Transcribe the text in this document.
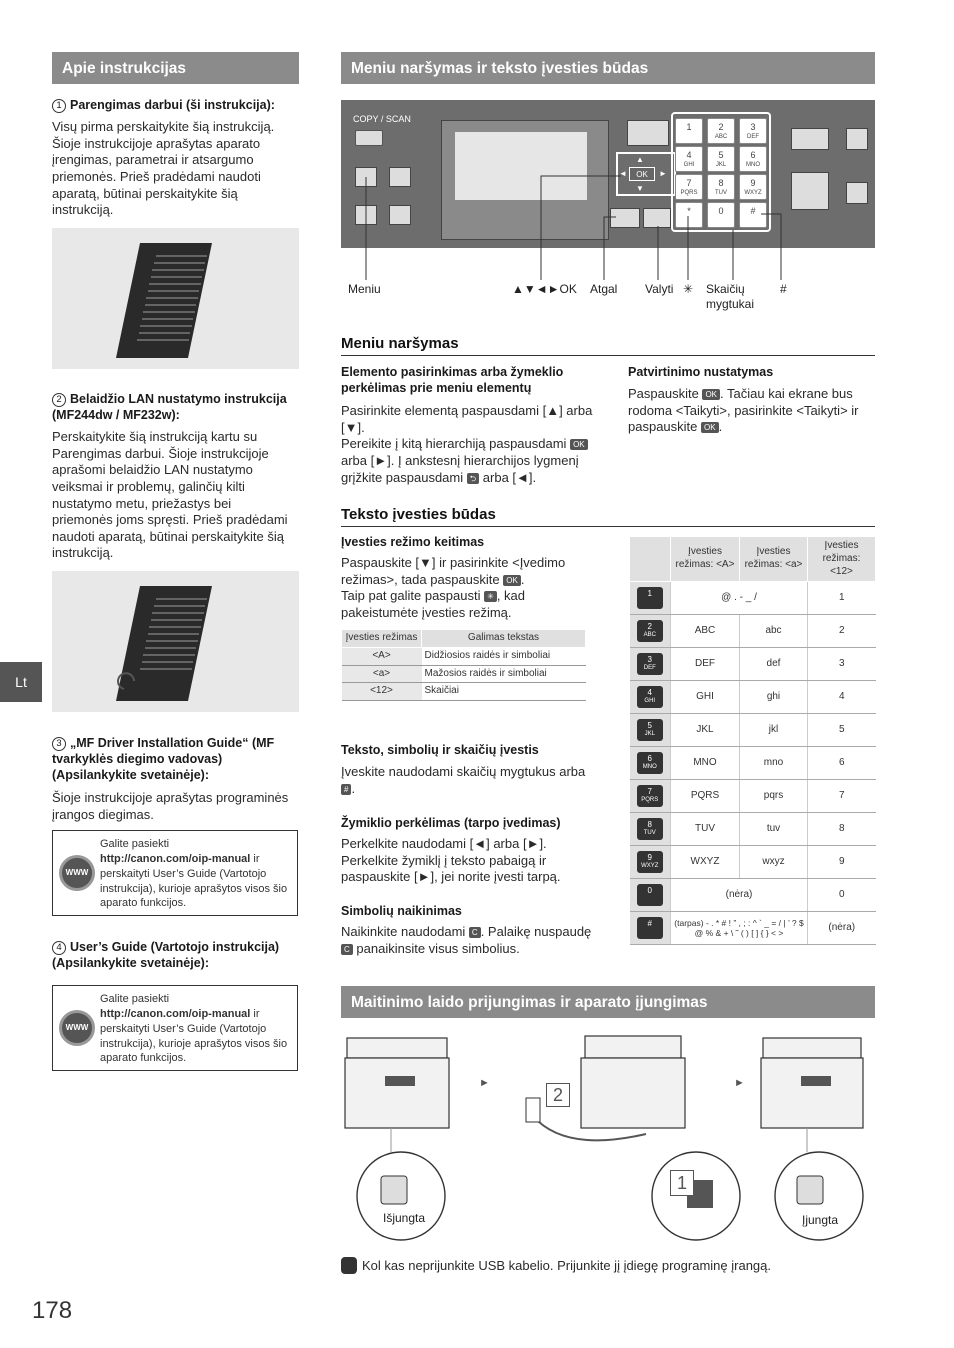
Apie instrukcijas
1 Parengimas darbui (ši instrukcija):
Visų pirma perskaitykite šią instrukciją. Šioje instrukcijoje aprašytas aparato įrengimas, parametrai ir atsargumo priemonės. Prieš pradėdami naudoti aparatą, būtinai perskaitykite šią instrukciją.
2 Belaidžio LAN nustatymo instrukcija (MF244dw / MF232w):
Perskaitykite šią instrukciją kartu su Parengimas darbui. Šioje instrukcijoje aprašomi belaidžio LAN nustatymo veiksmai ir problemų, galinčių kilti nustatymo metu, priežastys bei priemonės joms spręsti. Prieš pradėdami naudoti aparatą, būtinai perskaitykite šią instrukciją.
3 „MF Driver Installation Guide“ (MF tvarkyklės diegimo vadovas) (Apsilankykite svetainėje):
Šioje instrukcijoje aprašytas programinės įrangos diegimas.
WWW
Galite pasiekti
http://canon.com/oip-manual ir perskaityti User’s Guide (Vartotojo instrukcija), kurioje aprašytos visos šio aparato funkcijos.
4 User’s Guide (Vartotojo instrukcija) (Apsilankykite svetainėje):
WWW
Galite pasiekti
http://canon.com/oip-manual ir perskaityti User’s Guide (Vartotojo instrukcija), kurioje aprašytos visos šio aparato funkcijos.
Lt
178
Meniu naršymas ir teksto įvesties būdas
COPY / SCAN
OK
▲
▼
◄	►
1	2
ABC
3
DEF
4
GHI
5
JKL
6
MNO
7
PQRS
8
TUV
9
WXYZ
*	0	#
Meniu	▲▼◄►OK Atgal Valyti ✳ Skaičių mygtukai
#
Meniu naršymas
Elemento pasirinkimas arba žymeklio perkėlimas prie meniu elementų
Pasirinkite elementą paspausdami [▲] arba [▼].
Pereikite į kitą hierarchiją paspausdami OK arba [►]. Į ankstesnį hierarchijos lygmenį grįžkite paspausdami ⮌ arba [◄].
Patvirtinimo nustatymas
Paspauskite OK . Tačiau kai ekrane bus rodoma <Taikyti>, pasirinkite <Taikyti> ir paspauskite OK .
Teksto įvesties būdas
Įvesties režimo keitimas
Paspauskite [▼] ir pasirinkite <Įvedimo režimas>, tada paspauskite OK .
Taip pat galite paspausti ✳ , kad pakeistumėte įvesties režimą.
Įvesties režimas	Galimas tekstas
<A>	Didžiosios raidės ir simboliai
<a>	Mažosios raidės ir simboliai
<12>	Skaičiai
Teksto, simbolių ir skaičių įvestis
Įveskite naudodami skaičių mygtukus arba # .
Žymiklio perkėlimas (tarpo įvedimas)
Perkelkite naudodami [◄] arba [►]. Perkelkite žymiklį į teksto pabaigą ir paspauskite [►], jei norite įvesti tarpą.
Simbolių naikinimas
Naikinkite naudodami C . Palaikę nuspaudę C panaikinsite visus simbolius.
	Įvesties režimas: <A>	Įvesties režimas: <a>	Įvesties režimas: <12>
1	@ . - _ /		1
2
ABC	ABC	abc	2
3
DEF	DEF	def	3
4
GHI	GHI	ghi	4
5
JKL	JKL	jkl	5
6
MNO	MNO	mno	6
7
PQRS	PQRS	pqrs	7
8
TUV	TUV	tuv	8
9
WXYZ	WXYZ	wxyz	9
0	(nėra)		0
#	(tarpas) - . * # ! ” , ; : ^ ` _ = / | ’ ? $ @ % & + \ ˜ ( ) [ ] { } < >		(nėra)
Maitinimo laido prijungimas ir aparato įjungimas
►	►
2
1
Išjungta	Įjungta
Kol kas neprijunkite USB kabelio. Prijunkite jį įdiegę programinę įrangą.
